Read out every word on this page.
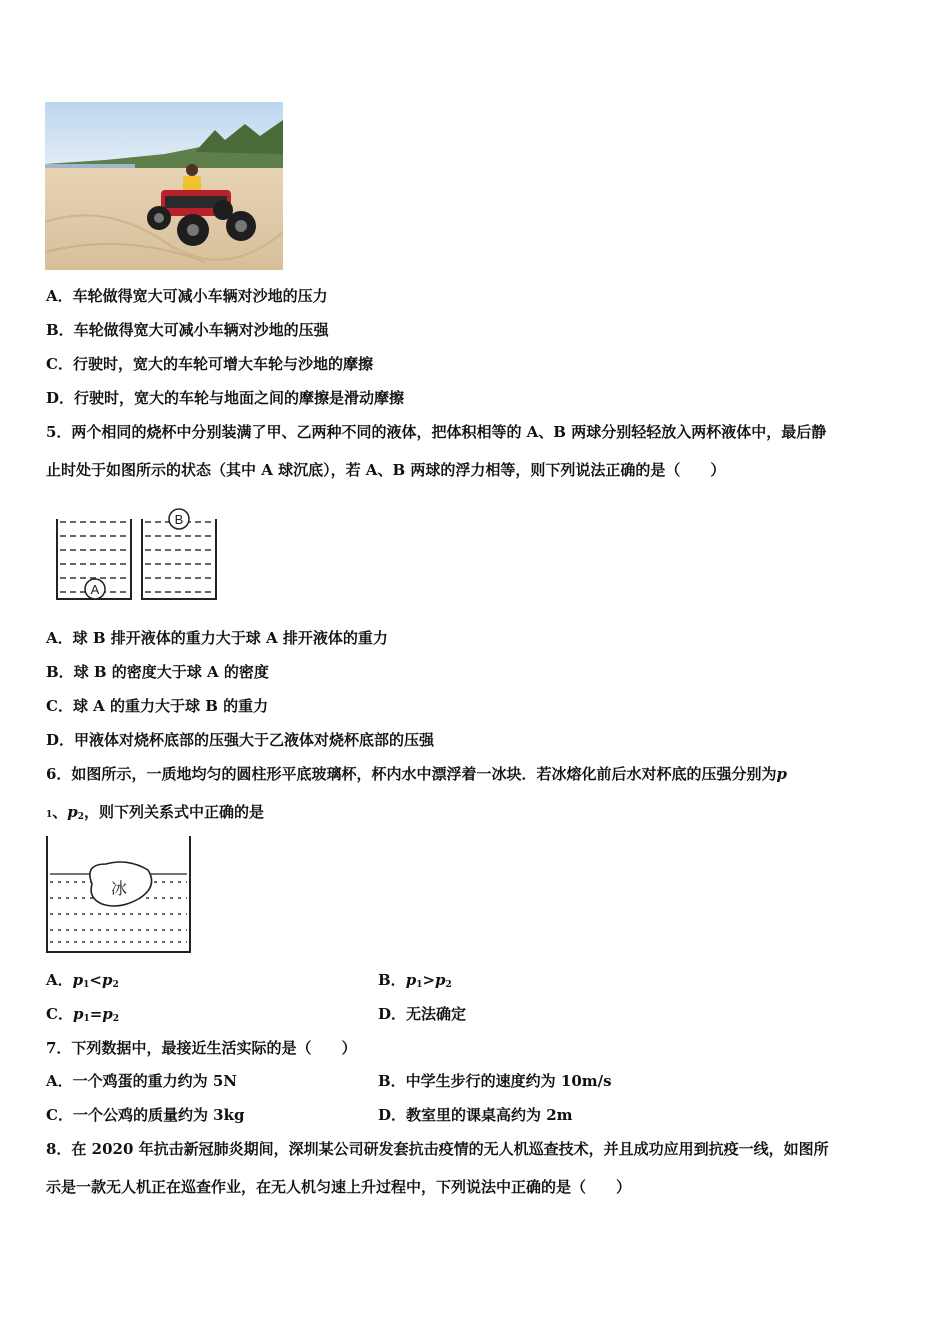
A．车轮做得宽大可减小车辆对沙地的压力
B．车轮做得宽大可减小车辆对沙地的压强
C．行驶时，宽大的车轮可增大车轮与沙地的摩擦
D．行驶时，宽大的车轮与地面之间的摩擦是滑动摩擦
5．两个相同的烧杯中分别装满了甲、乙两种不同的液体，把体积相等的 A、B 两球分别轻轻放入两杯液体中，最后静
止时处于如图所示的状态（其中 A 球沉底），若 A、B 两球的浮力相等，则下列说法正确的是（　　）
A
B
A．球 B 排开液体的重力大于球 A 排开液体的重力
B．球 B 的密度大于球 A 的密度
C．球 A 的重力大于球 B 的重力
D．甲液体对烧杯底部的压强大于乙液体对烧杯底部的压强
6．如图所示，一质地均匀的圆柱形平底玻璃杯，杯内水中漂浮着一冰块．若冰熔化前后水对杯底的压强分别为p
1、$p_2$，则下列关系式中正确的是
冰
A．$p_1<p_2$	B．$p_1>p_2$
C．$p_1=p_2$	D．无法确定
7．下列数据中，最接近生活实际的是（　　）
A．一个鸡蛋的重力约为 5N	B．中学生步行的速度约为 10m/s
C．一个公鸡的质量约为 3kg	D．教室里的课桌高约为 2m
8．在 2020 年抗击新冠肺炎期间，深圳某公司研发套抗击疫情的无人机巡查技术，并且成功应用到抗疫一线，如图所
示是一款无人机正在巡查作业，在无人机匀速上升过程中，下列说法中正确的是（　　）
